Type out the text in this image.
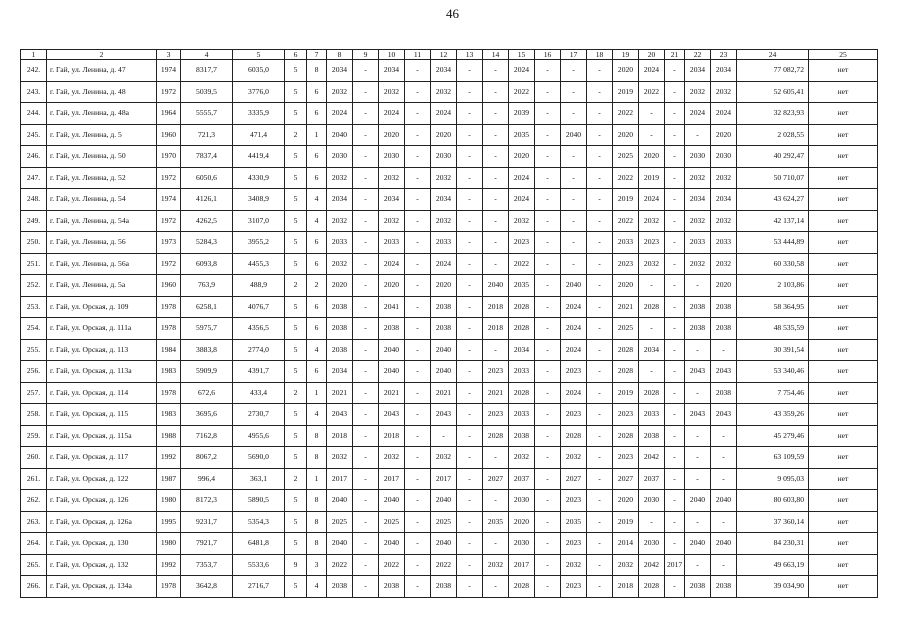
46
1	2	3	4	5	6	7	8	9	10	11	12	13	14	15	16	17	18	19	20	21	22	23	24	25
242.	г. Гай, ул. Ленина, д. 47	1974	8317,7	6035,0	5	8	2034	-	2034	-	2034	-	-	2024	-	-	-	2020	2024	-	2034	2034	77 082,72	нет
243.	г. Гай, ул. Ленина, д. 48	1972	5039,5	3776,0	5	6	2032	-	2032	-	2032	-	-	2022	-	-	-	2019	2022	-	2032	2032	52 605,41	нет
244.	г. Гай, ул. Ленина, д. 48а	1964	5555,7	3335,9	5	6	2024	-	2024	-	2024	-	-	2039	-	-	-	2022	-	-	2024	2024	32 823,93	нет
245.	г. Гай, ул. Ленина, д. 5	1960	721,3	471,4	2	1	2040	-	2020	-	2020	-	-	2035	-	2040	-	2020	-	-	-	2020	2 028,55	нет
246.	г. Гай, ул. Ленина, д. 50	1970	7837,4	4419,4	5	6	2030	-	2030	-	2030	-	-	2020	-	-	-	2025	2020	-	2030	2030	40 292,47	нет
247.	г. Гай, ул. Ленина, д. 52	1972	6050,6	4330,9	5	6	2032	-	2032	-	2032	-	-	2024	-	-	-	2022	2019	-	2032	2032	50 710,07	нет
248.	г. Гай, ул. Ленина, д. 54	1974	4126,1	3408,9	5	4	2034	-	2034	-	2034	-	-	2024	-	-	-	2019	2024	-	2034	2034	43 624,27	нет
249.	г. Гай, ул. Ленина, д. 54а	1972	4262,5	3107,0	5	4	2032	-	2032	-	2032	-	-	2032	-	-	-	2022	2032	-	2032	2032	42 137,14	нет
250.	г. Гай, ул. Ленина, д. 56	1973	5284,3	3955,2	5	6	2033	-	2033	-	2033	-	-	2023	-	-	-	2033	2023	-	2033	2033	53 444,89	нет
251.	г. Гай, ул. Ленина, д. 56а	1972	6093,8	4455,3	5	6	2032	-	2024	-	2024	-	-	2022	-	-	-	2023	2032	-	2032	2032	60 330,58	нет
252.	г. Гай, ул. Ленина, д. 5а	1960	763,9	488,9	2	2	2020	-	2020	-	2020	-	2040	2035	-	2040	-	2020	-	-	-	2020	2 103,86	нет
253.	г. Гай, ул. Орская, д. 109	1978	6258,1	4076,7	5	6	2038	-	2041	-	2038	-	2018	2028	-	2024	-	2021	2028	-	2038	2038	58 364,95	нет
254.	г. Гай, ул. Орская, д. 111а	1978	5975,7	4356,5	5	6	2038	-	2038	-	2038	-	2018	2028	-	2024	-	2025	-	-	2038	2038	48 535,59	нет
255.	г. Гай, ул. Орская, д. 113	1984	3883,8	2774,0	5	4	2038	-	2040	-	2040	-	-	2034	-	2024	-	2028	2034	-	-	-	30 391,54	нет
256.	г. Гай, ул. Орская, д. 113а	1983	5909,9	4391,7	5	6	2034	-	2040	-	2040	-	2023	2033	-	2023	-	2028	-	-	2043	2043	53 340,46	нет
257.	г. Гай, ул. Орская, д. 114	1978	672,6	433,4	2	1	2021	-	2021	-	2021	-	2021	2028	-	2024	-	2019	2028	-	-	2038	7 754,46	нет
258.	г. Гай, ул. Орская, д. 115	1983	3695,6	2730,7	5	4	2043	-	2043	-	2043	-	2023	2033	-	2023	-	2023	2033	-	2043	2043	43 359,26	нет
259.	г. Гай, ул. Орская, д. 115а	1988	7162,8	4955,6	5	8	2018	-	2018	-	-	-	2028	2038	-	2028	-	2028	2038	-	-	-	45 279,46	нет
260.	г. Гай, ул. Орская, д. 117	1992	8067,2	5690,0	5	8	2032	-	2032	-	2032	-	-	2032	-	2032	-	2023	2042	-	-	-	63 109,59	нет
261.	г. Гай, ул. Орская, д. 122	1987	996,4	363,1	2	1	2017	-	2017	-	2017	-	2027	2037	-	2027	-	2027	2037	-	-	-	9 095,03	нет
262.	г. Гай, ул. Орская, д. 126	1980	8172,3	5890,5	5	8	2040	-	2040	-	2040	-	-	2030	-	2023	-	2020	2030	-	2040	2040	80 603,80	нет
263.	г. Гай, ул. Орская, д. 126а	1995	9231,7	5354,3	5	8	2025	-	2025	-	2025	-	2035	2020	-	2035	-	2019	-	-	-	-	37 360,14	нет
264.	г. Гай, ул. Орская, д. 130	1980	7921,7	6481,8	5	8	2040	-	2040	-	2040	-	-	2030	-	2023	-	2014	2030	-	2040	2040	84 230,31	нет
265.	г. Гай, ул. Орская, д. 132	1992	7353,7	5533,6	9	3	2022	-	2022	-	2022	-	2032	2017	-	2032	-	2032	2042	2017	-	-	49 663,19	нет
266.	г. Гай, ул. Орская, д. 134а	1978	3642,8	2716,7	5	4	2038	-	2038	-	2038	-	-	2028	-	2023	-	2018	2028	-	2038	2038	39 034,90	нет
